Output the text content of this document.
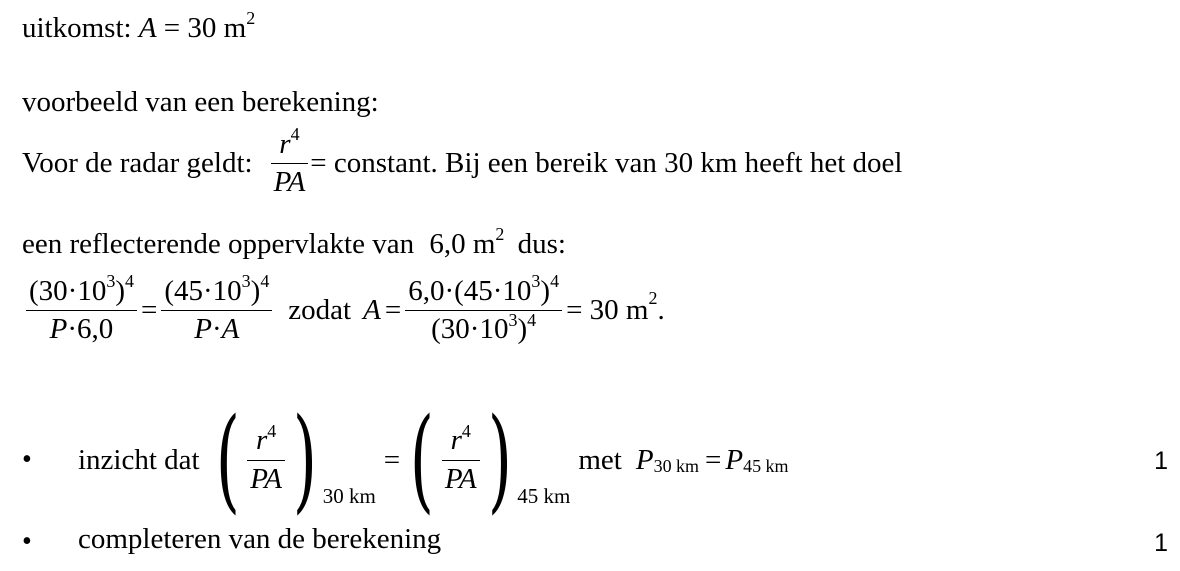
uitkomst: A = 30 $m^2$
voorbeeld van een berekening:
Voor de radar geldt: $\frac{r^4}{PA}$ = constant. Bij een bereik van 30 km heeft het doel
een reflecterende oppervlakte van 6,0 $m^2$ dus:
$\frac{(30\cdot 10^3)^4}{P\cdot 6,0} = \frac{(45\cdot 10^3)^4}{P\cdot A}$ zodat $A = \frac{6,0\cdot(45\cdot 10^3)^4}{(30\cdot 10^3)^4} = 30$ $m^2$ .
• inzicht dat ( $\frac{r^4}{PA}$ ) 30 km
= ( $\frac{r^4}{PA}$ ) 45 km
met $P_{30 km} = P_{45 km}$	1
• completeren van de berekening	1
